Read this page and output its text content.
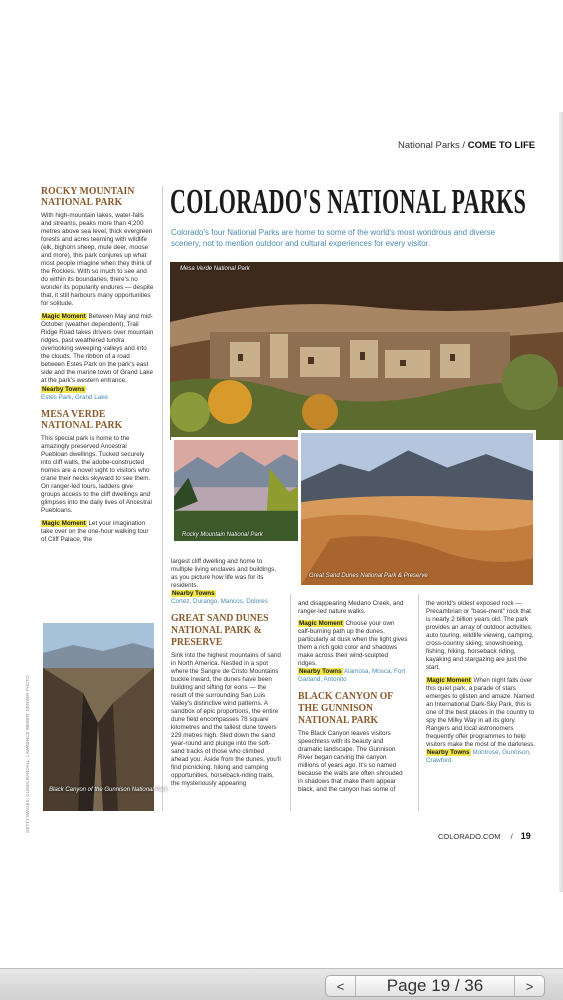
National Parks / COME TO LIFE
ROCKY MOUNTAIN NATIONAL PARK

With high-mountain lakes, water-falls and streams, peaks more than 4,200 metres above sea level, thick evergreen forests and acres teeming with wildlife (elk, bighorn sheep, mule deer, moose and more), this park conjures up what most people imagine when they think of the Rockies. With so much to see and do within its boundaries, there's no wonder its popularity endures — despite that, it still harbours many opportunities for solitude.

Magic Moment Between May and mid-October (weather dependent), Trail Ridge Road takes drivers over mountain ridges, past weathered tundra overlooking sweeping valleys and into the clouds. The ribbon of a road between Estes Park on the park's east side and the marine town of Grand Lake at the park's western entrance.

Nearby Towns
Estes Park, Grand Lake

MESA VERDE NATIONAL PARK

This special park is home to the amazingly preserved Ancestral Puebloan dwellings. Tucked securely into cliff walls, the adobe-constructed homes are a novel sight to visitors who crane their necks skyward to see them. On ranger-led tours, ladders give groups access to the cliff dwellings and glimpses into the daily lives of Ancestral Puebloans.

Magic Moment Let your imagination take over on the one-hour walking tour of Cliff Palace, the

COLORADO'S NATIONAL PARKS

Colorado's four National Parks are home to some of the world's most wondrous and diverse scenery, not to mention outdoor and cultural experiences for every visitor.

Mesa Verde National Park
Rocky Mountain National Park
Great Sand Dunes National Park & Preserve
Black Canyon of the Gunnison National Park
GETTY IMAGES; GLENN RANDALL; LAWRENCE WEBER; DENVER PHOTO

largest cliff dwelling and home to multiple living enclaves and buildings, as you picture how life was for its residents.

Nearby Towns
Cortez, Durango, Mancos, Dolores

GREAT SAND DUNES NATIONAL PARK & PRESERVE

Sink into the highest mountains of sand in North America. Nestled in a spot where the Sangre de Cristo Mountains buckle inward, the dunes have been building and sifting for eons — the result of the surrounding San Luis Valley's distinctive wind patterns. A sandbox of epic proportions, the entire dune field encompasses 78 square kilometres and the tallest dune towers 229 metres high. Sled down the sand year-round and plunge into the soft-sand tracks of those who climbed ahead you. Aside from the dunes, you'll find picnicking, hiking and camping opportunities, horseback-riding trails, the mysteriously appearing

and disappearing Medano Creek, and ranger-led nature walks.

Magic Moment Choose your own calf-burning path up the dunes, particularly at dusk when the light gives them a rich gold color and shadows make across their wind-sculpted ridges.

Nearby Towns Alamosa, Mosca, Fort Garland, Antonito

BLACK CANYON OF THE GUNNISON NATIONAL PARK

The Black Canyon leaves visitors speechless with its beauty and dramatic landscape. The Gunnison River began carving the canyon millions of years ago. It's so named because the walls are often shrouded in shadows that make them appear black, and the canyon has some of

the world's oldest exposed rock — Precambrian or "base-ment" rock that is nearly 2 billion years old. The park provides an array of outdoor activities: auto touring, wildlife viewing, camping, cross-country skiing, snowshoeing, fishing, hiking, horseback riding, kayaking and stargazing are just the start.

Magic Moment When night falls over this quiet park, a parade of stars emerges to glisten and amaze. Named an International Dark-Sky Park, this is one of the best places in the country to spy the Milky Way in all its glory. Rangers and local astronomers frequently offer programmes to help visitors make the most of the darkness.

Nearby Towns Montrose, Gunnison, Crawford

COLORADO.COM / 19
<	Page 19 / 36	>
